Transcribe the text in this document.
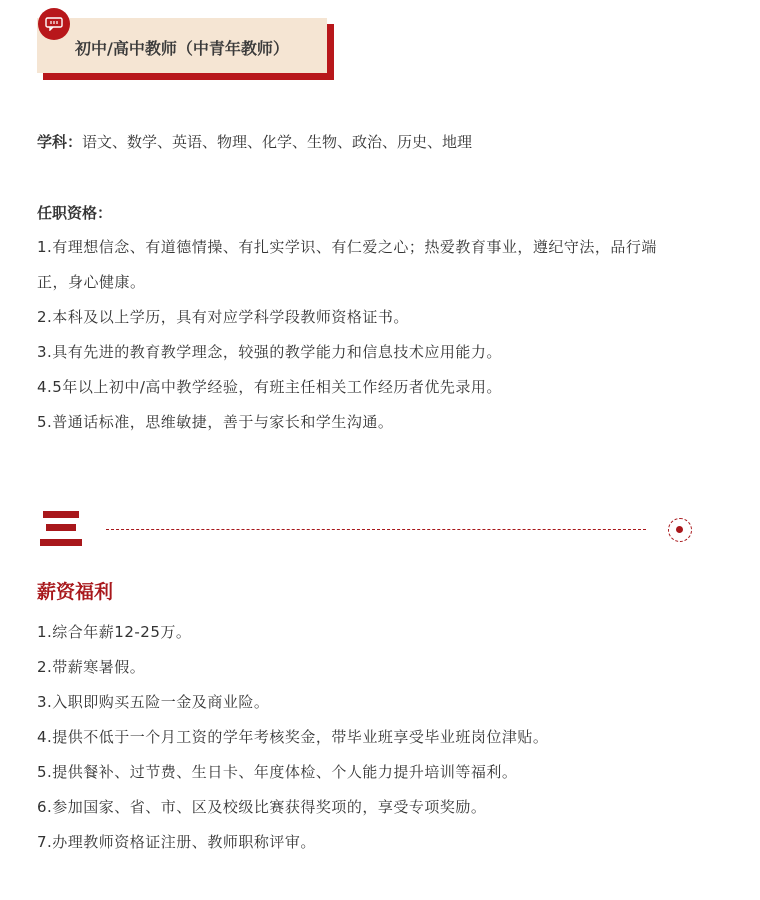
初中/高中教师（中青年教师）
学科：语文、数学、英语、物理、化学、生物、政治、历史、地理
任职资格：
1.有理想信念、有道德情操、有扎实学识、有仁爱之心；热爱教育事业，遵纪守法，品行端
正，身心健康。
2.本科及以上学历，具有对应学科学段教师资格证书。
3.具有先进的教育教学理念，较强的教学能力和信息技术应用能力。
4.5年以上初中/高中教学经验，有班主任相关工作经历者优先录用。
5.普通话标准，思维敏捷，善于与家长和学生沟通。
薪资福利
1.综合年薪12-25万。
2.带薪寒暑假。
3.入职即购买五险一金及商业险。
4.提供不低于一个月工资的学年考核奖金，带毕业班享受毕业班岗位津贴。
5.提供餐补、过节费、生日卡、年度体检、个人能力提升培训等福利。
6.参加国家、省、市、区及校级比赛获得奖项的，享受专项奖励。
7.办理教师资格证注册、教师职称评审。
